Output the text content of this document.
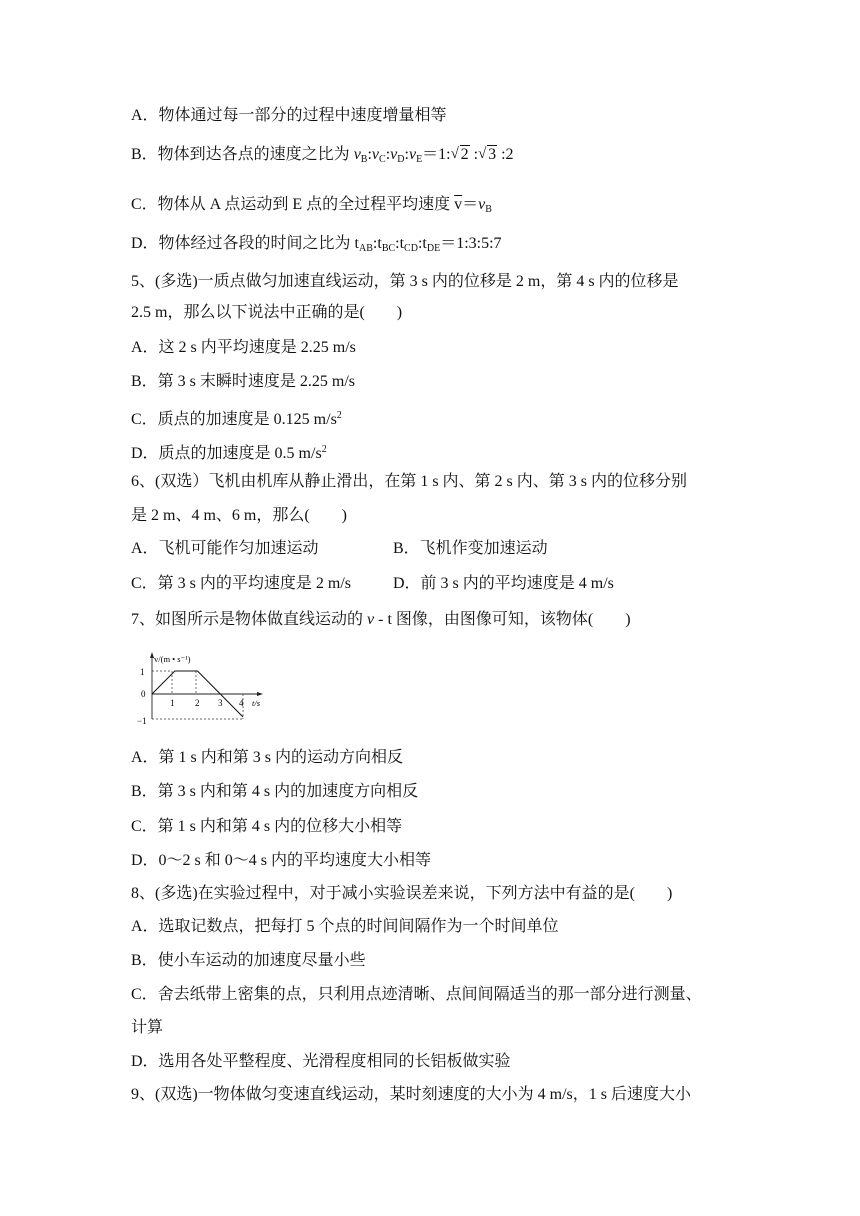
A．物体通过每一部分的过程中速度增量相等
B．物体到达各点的速度之比为 $v_B:v_C:v_D:v_E=1$: √ 2 : √ 3 :2
C．物体从 A 点运动到 E 点的全过程平均速度 $\overline{v}=v_B$
D．物体经过各段的时间之比为 $t_{AB}:t_{BC}:t_{CD}:t_{DE}=1:3:5:7$
5、(多选)一质点做匀加速直线运动，第 3 s 内的位移是 2 m，第 4 s 内的位移是
2.5 m，那么以下说法中正确的是(　　)
A．这 2 s 内平均速度是 2.25 m/s
B．第 3 s 末瞬时速度是 2.25 m/s
C．质点的加速度是 0.125 $m/s^2$
D．质点的加速度是 0.5 $m/s^2$
6、(双选）飞机由机库从静止滑出，在第 1 s 内、第 2 s 内、第 3 s 内的位移分别
是 2 m、4 m、6 m，那么(　　)
A．飞机可能作匀加速运动	B．飞机作变加速运动
C．第 3 s 内的平均速度是 2 m/s	D．前 3 s 内的平均速度是 4 m/s
7、如图所示是物体做直线运动的 v - t 图像，由图像可知，该物体(　　)
v/(m • s⁻¹)
t/s
1
0
−1
1 2 3 4
A．第 1 s 内和第 3 s 内的运动方向相反
B．第 3 s 内和第 4 s 内的加速度方向相反
C．第 1 s 内和第 4 s 内的位移大小相等
D．0～2 s 和 0～4 s 内的平均速度大小相等
8、(多选)在实验过程中，对于减小实验误差来说，下列方法中有益的是(　　)
A．选取记数点，把每打 5 个点的时间间隔作为一个时间单位
B．使小车运动的加速度尽量小些
C．舍去纸带上密集的点，只利用点迹清晰、点间间隔适当的那一部分进行测量、
计算
D．选用各处平整程度、光滑程度相同的长铝板做实验
9、(双选)一物体做匀变速直线运动，某时刻速度的大小为 4 m/s，1 s 后速度大小
